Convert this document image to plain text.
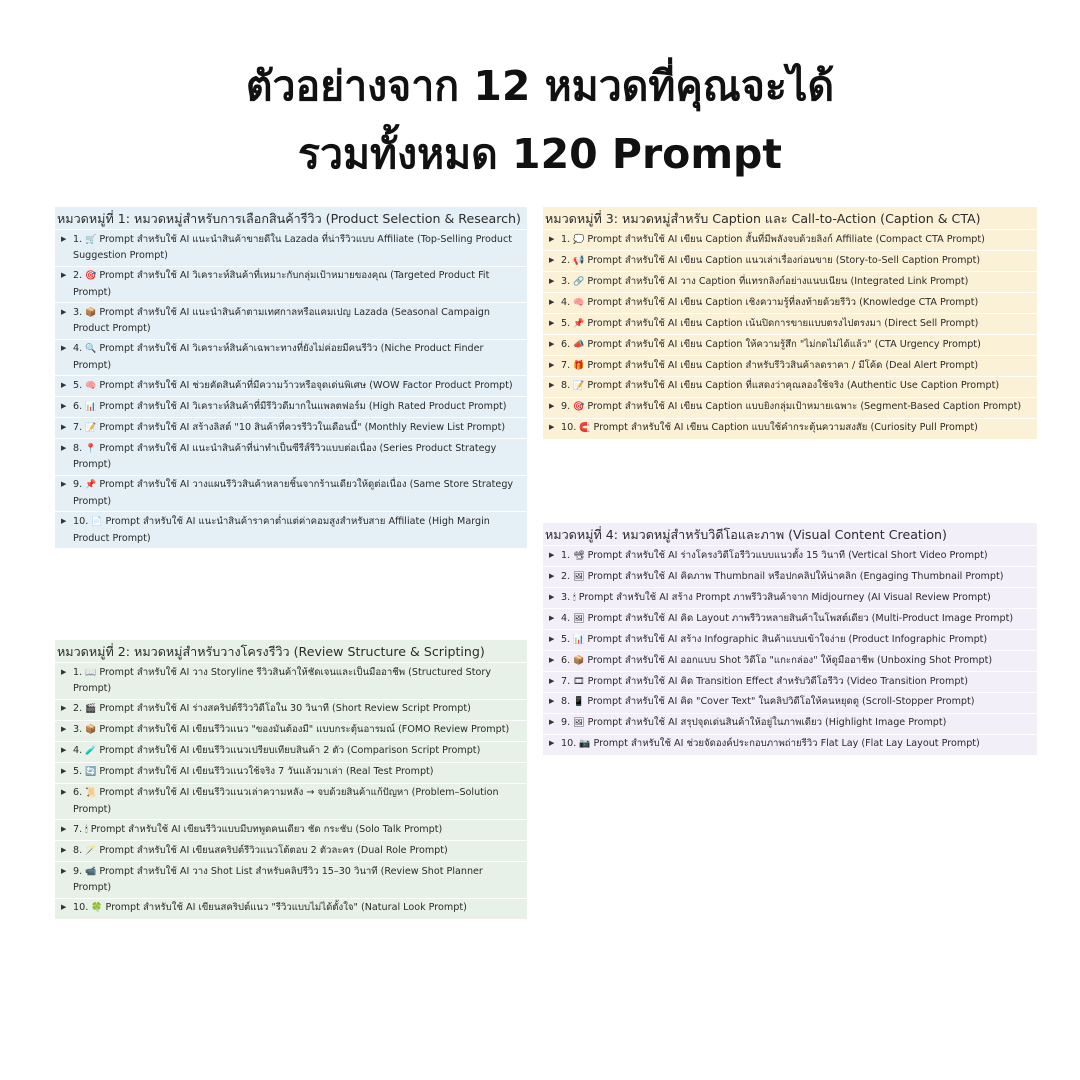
ตัวอย่างจาก 12 หมวดที่คุณจะได้
รวมทั้งหมด 120 Prompt
หมวดหมู่ที่ 1: หมวดหมู่สำหรับการเลือกสินค้ารีวิว (Product Selection & Research)
▶ 1. 🛒 Prompt สำหรับใช้ AI แนะนำสินค้าขายดีใน Lazada ที่น่ารีวิวแบบ Affiliate (Top-Selling Product Suggestion Prompt)
▶ 2. 🎯 Prompt สำหรับใช้ AI วิเคราะห์สินค้าที่เหมาะกับกลุ่มเป้าหมายของคุณ (Targeted Product Fit Prompt)
▶ 3. 📦 Prompt สำหรับใช้ AI แนะนำสินค้าตามเทศกาลหรือแคมเปญ Lazada (Seasonal Campaign Product Prompt)
▶ 4. 🔍 Prompt สำหรับใช้ AI วิเคราะห์สินค้าเฉพาะทางที่ยังไม่ค่อยมีคนรีวิว (Niche Product Finder Prompt)
▶ 5. 🧠 Prompt สำหรับใช้ AI ช่วยคัดสินค้าที่มีความว้าวหรือจุดเด่นพิเศษ (WOW Factor Product Prompt)
▶ 6. 📊 Prompt สำหรับใช้ AI วิเคราะห์สินค้าที่มีรีวิวดีมากในแพลตฟอร์ม (High Rated Product Prompt)
▶ 7. 📝 Prompt สำหรับใช้ AI สร้างลิสต์ "10 สินค้าที่ควรรีวิวในเดือนนี้" (Monthly Review List Prompt)
▶ 8. 📍 Prompt สำหรับใช้ AI แนะนำสินค้าที่น่าทำเป็นซีรีส์รีวิวแบบต่อเนื่อง (Series Product Strategy Prompt)
▶ 9. 📌 Prompt สำหรับใช้ AI วางแผนรีวิวสินค้าหลายชิ้นจากร้านเดียวให้ดูต่อเนื่อง (Same Store Strategy Prompt)
▶ 10. 📄 Prompt สำหรับใช้ AI แนะนำสินค้าราคาต่ำแต่ค่าคอมสูงสำหรับสาย Affiliate (High Margin Product Prompt)
หมวดหมู่ที่ 2: หมวดหมู่สำหรับวางโครงรีวิว (Review Structure & Scripting)
▶ 1. 📖 Prompt สำหรับใช้ AI วาง Storyline รีวิวสินค้าให้ชัดเจนและเป็นมืออาชีพ (Structured Story Prompt)
▶ 2. 🎬 Prompt สำหรับใช้ AI ร่างสคริปต์รีวิววิดีโอใน 30 วินาที (Short Review Script Prompt)
▶ 3. 📦 Prompt สำหรับใช้ AI เขียนรีวิวแนว "ของมันต้องมี" แบบกระตุ้นอารมณ์ (FOMO Review Prompt)
▶ 4. 🧪 Prompt สำหรับใช้ AI เขียนรีวิวแนวเปรียบเทียบสินค้า 2 ตัว (Comparison Script Prompt)
▶ 5. 🔄 Prompt สำหรับใช้ AI เขียนรีวิวแนวใช้จริง 7 วันแล้วมาเล่า (Real Test Prompt)
▶ 6. 📜 Prompt สำหรับใช้ AI เขียนรีวิวแนวเล่าความหลัง → จบด้วยสินค้าแก้ปัญหา (Problem–Solution Prompt)
▶ 7. 🕯 Prompt สำหรับใช้ AI เขียนรีวิวแบบมีบทพูดคนเดียว ชัด กระชับ (Solo Talk Prompt)
▶ 8. 🪄 Prompt สำหรับใช้ AI เขียนสคริปต์รีวิวแนวโต้ตอบ 2 ตัวละคร (Dual Role Prompt)
▶ 9. 📹 Prompt สำหรับใช้ AI วาง Shot List สำหรับคลิปรีวิว 15–30 วินาที (Review Shot Planner Prompt)
▶ 10. 🍀 Prompt สำหรับใช้ AI เขียนสคริปต์แนว "รีวิวแบบไม่ได้ตั้งใจ" (Natural Look Prompt)
หมวดหมู่ที่ 3: หมวดหมู่สำหรับ Caption และ Call-to-Action (Caption & CTA)
▶ 1. 💭 Prompt สำหรับใช้ AI เขียน Caption สั้นที่มีพลังจบด้วยลิงก์ Affiliate (Compact CTA Prompt)
▶ 2. 📢 Prompt สำหรับใช้ AI เขียน Caption แนวเล่าเรื่องก่อนขาย (Story-to-Sell Caption Prompt)
▶ 3. 🔗 Prompt สำหรับใช้ AI วาง Caption ที่แทรกลิงก์อย่างแนบเนียน (Integrated Link Prompt)
▶ 4. 🧠 Prompt สำหรับใช้ AI เขียน Caption เชิงความรู้ที่ลงท้ายด้วยรีวิว (Knowledge CTA Prompt)
▶ 5. 📌 Prompt สำหรับใช้ AI เขียน Caption เน้นปิดการขายแบบตรงไปตรงมา (Direct Sell Prompt)
▶ 6. 📣 Prompt สำหรับใช้ AI เขียน Caption ให้ความรู้สึก "ไม่กดไม่ได้แล้ว" (CTA Urgency Prompt)
▶ 7. 🎁 Prompt สำหรับใช้ AI เขียน Caption สำหรับรีวิวสินค้าลดราคา / มีโค้ด (Deal Alert Prompt)
▶ 8. 📝 Prompt สำหรับใช้ AI เขียน Caption ที่แสดงว่าคุณลองใช้จริง (Authentic Use Caption Prompt)
▶ 9. 🎯 Prompt สำหรับใช้ AI เขียน Caption แบบยิงกลุ่มเป้าหมายเฉพาะ (Segment-Based Caption Prompt)
▶ 10. 🧲 Prompt สำหรับใช้ AI เขียน Caption แบบใช้คำกระตุ้นความสงสัย (Curiosity Pull Prompt)
หมวดหมู่ที่ 4: หมวดหมู่สำหรับวิดีโอและภาพ (Visual Content Creation)
▶ 1. 📽 Prompt สำหรับใช้ AI ร่างโครงวิดีโอรีวิวแบบแนวตั้ง 15 วินาที (Vertical Short Video Prompt)
▶ 2. 🖼 Prompt สำหรับใช้ AI คิดภาพ Thumbnail หรือปกคลิปให้น่าคลิก (Engaging Thumbnail Prompt)
▶ 3. 🕯 Prompt สำหรับใช้ AI สร้าง Prompt ภาพรีวิวสินค้าจาก Midjourney (AI Visual Review Prompt)
▶ 4. 🖼 Prompt สำหรับใช้ AI คิด Layout ภาพรีวิวหลายสินค้าในโพสต์เดียว (Multi-Product Image Prompt)
▶ 5. 📊 Prompt สำหรับใช้ AI สร้าง Infographic สินค้าแบบเข้าใจง่าย (Product Infographic Prompt)
▶ 6. 📦 Prompt สำหรับใช้ AI ออกแบบ Shot วิดีโอ "แกะกล่อง" ให้ดูมืออาชีพ (Unboxing Shot Prompt)
▶ 7. 🎞 Prompt สำหรับใช้ AI คิด Transition Effect สำหรับวิดีโอรีวิว (Video Transition Prompt)
▶ 8. 📱 Prompt สำหรับใช้ AI คิด "Cover Text" ในคลิปวิดีโอให้คนหยุดดู (Scroll-Stopper Prompt)
▶ 9. 🖼 Prompt สำหรับใช้ AI สรุปจุดเด่นสินค้าให้อยู่ในภาพเดียว (Highlight Image Prompt)
▶ 10. 📷 Prompt สำหรับใช้ AI ช่วยจัดองค์ประกอบภาพถ่ายรีวิว Flat Lay (Flat Lay Layout Prompt)
